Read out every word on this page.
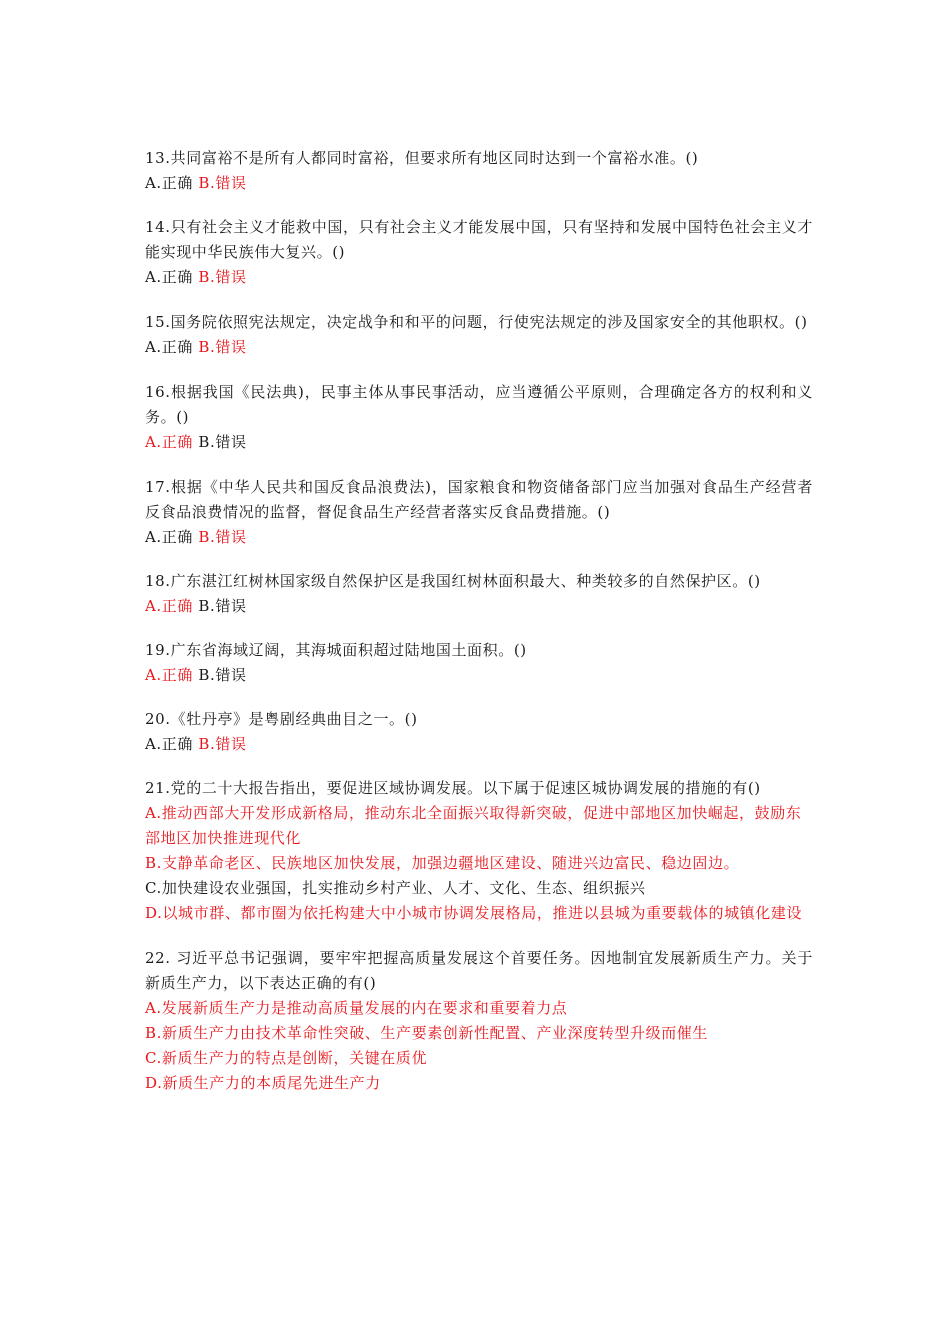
13.共同富裕不是所有人都同时富裕，但要求所有地区同时达到一个富裕水准。()
A.正确 B.错误
14.只有社会主义才能救中国，只有社会主义才能发展中国，只有坚持和发展中国特色社会主义才能实现中华民族伟大复兴。()
A.正确 B.错误
15.国务院依照宪法规定，决定战争和和平的问题，行使宪法规定的涉及国家安全的其他职权。()
A.正确 B.错误
16.根据我国《民法典)，民事主体从事民事活动，应当遵循公平原则，合理确定各方的权利和义务。()
A.正确 B.错误
17.根据《中华人民共和国反食品浪费法)，国家粮食和物资储备部门应当加强对食品生产经营者反食品浪费情况的监督，督促食品生产经营者落实反食品费措施。()
A.正确 B.错误
18.广东湛江红树林国家级自然保护区是我国红树林面积最大、种类较多的自然保护区。()
A.正确 B.错误
19.广东省海域辽阔，其海城面积超过陆地国土面积。()
A.正确 B.错误
20.《牡丹亭》是粤剧经典曲目之一。()
A.正确 B.错误
21.党的二十大报告指出，要促进区域协调发展。以下属于促速区城协调发展的措施的有()
A.推动西部大开发形成新格局，推动东北全面振兴取得新突破，促进中部地区加快崛起，鼓励东部地区加快推进现代化
B.支静革命老区、民族地区加快发展，加强边疆地区建设、随进兴边富民、稳边固边。
C.加快建设农业强国，扎实推动乡村产业、人才、文化、生态、组织振兴
D.以城市群、都市圈为依托构建大中小城市协调发展格局，推进以县城为重要载体的城镇化建设
22. 习近平总书记强调，要牢牢把握高质量发展这个首要任务。因地制宜发展新质生产力。关于新质生产力，以下表达正确的有()
A.发展新质生产力是推动高质量发展的内在要求和重要着力点
B.新质生产力由技术革命性突破、生产要素创新性配置、产业深度转型升级而催生
C.新质生产力的特点是创断，关键在质优
D.新质生产力的本质尾先进生产力
